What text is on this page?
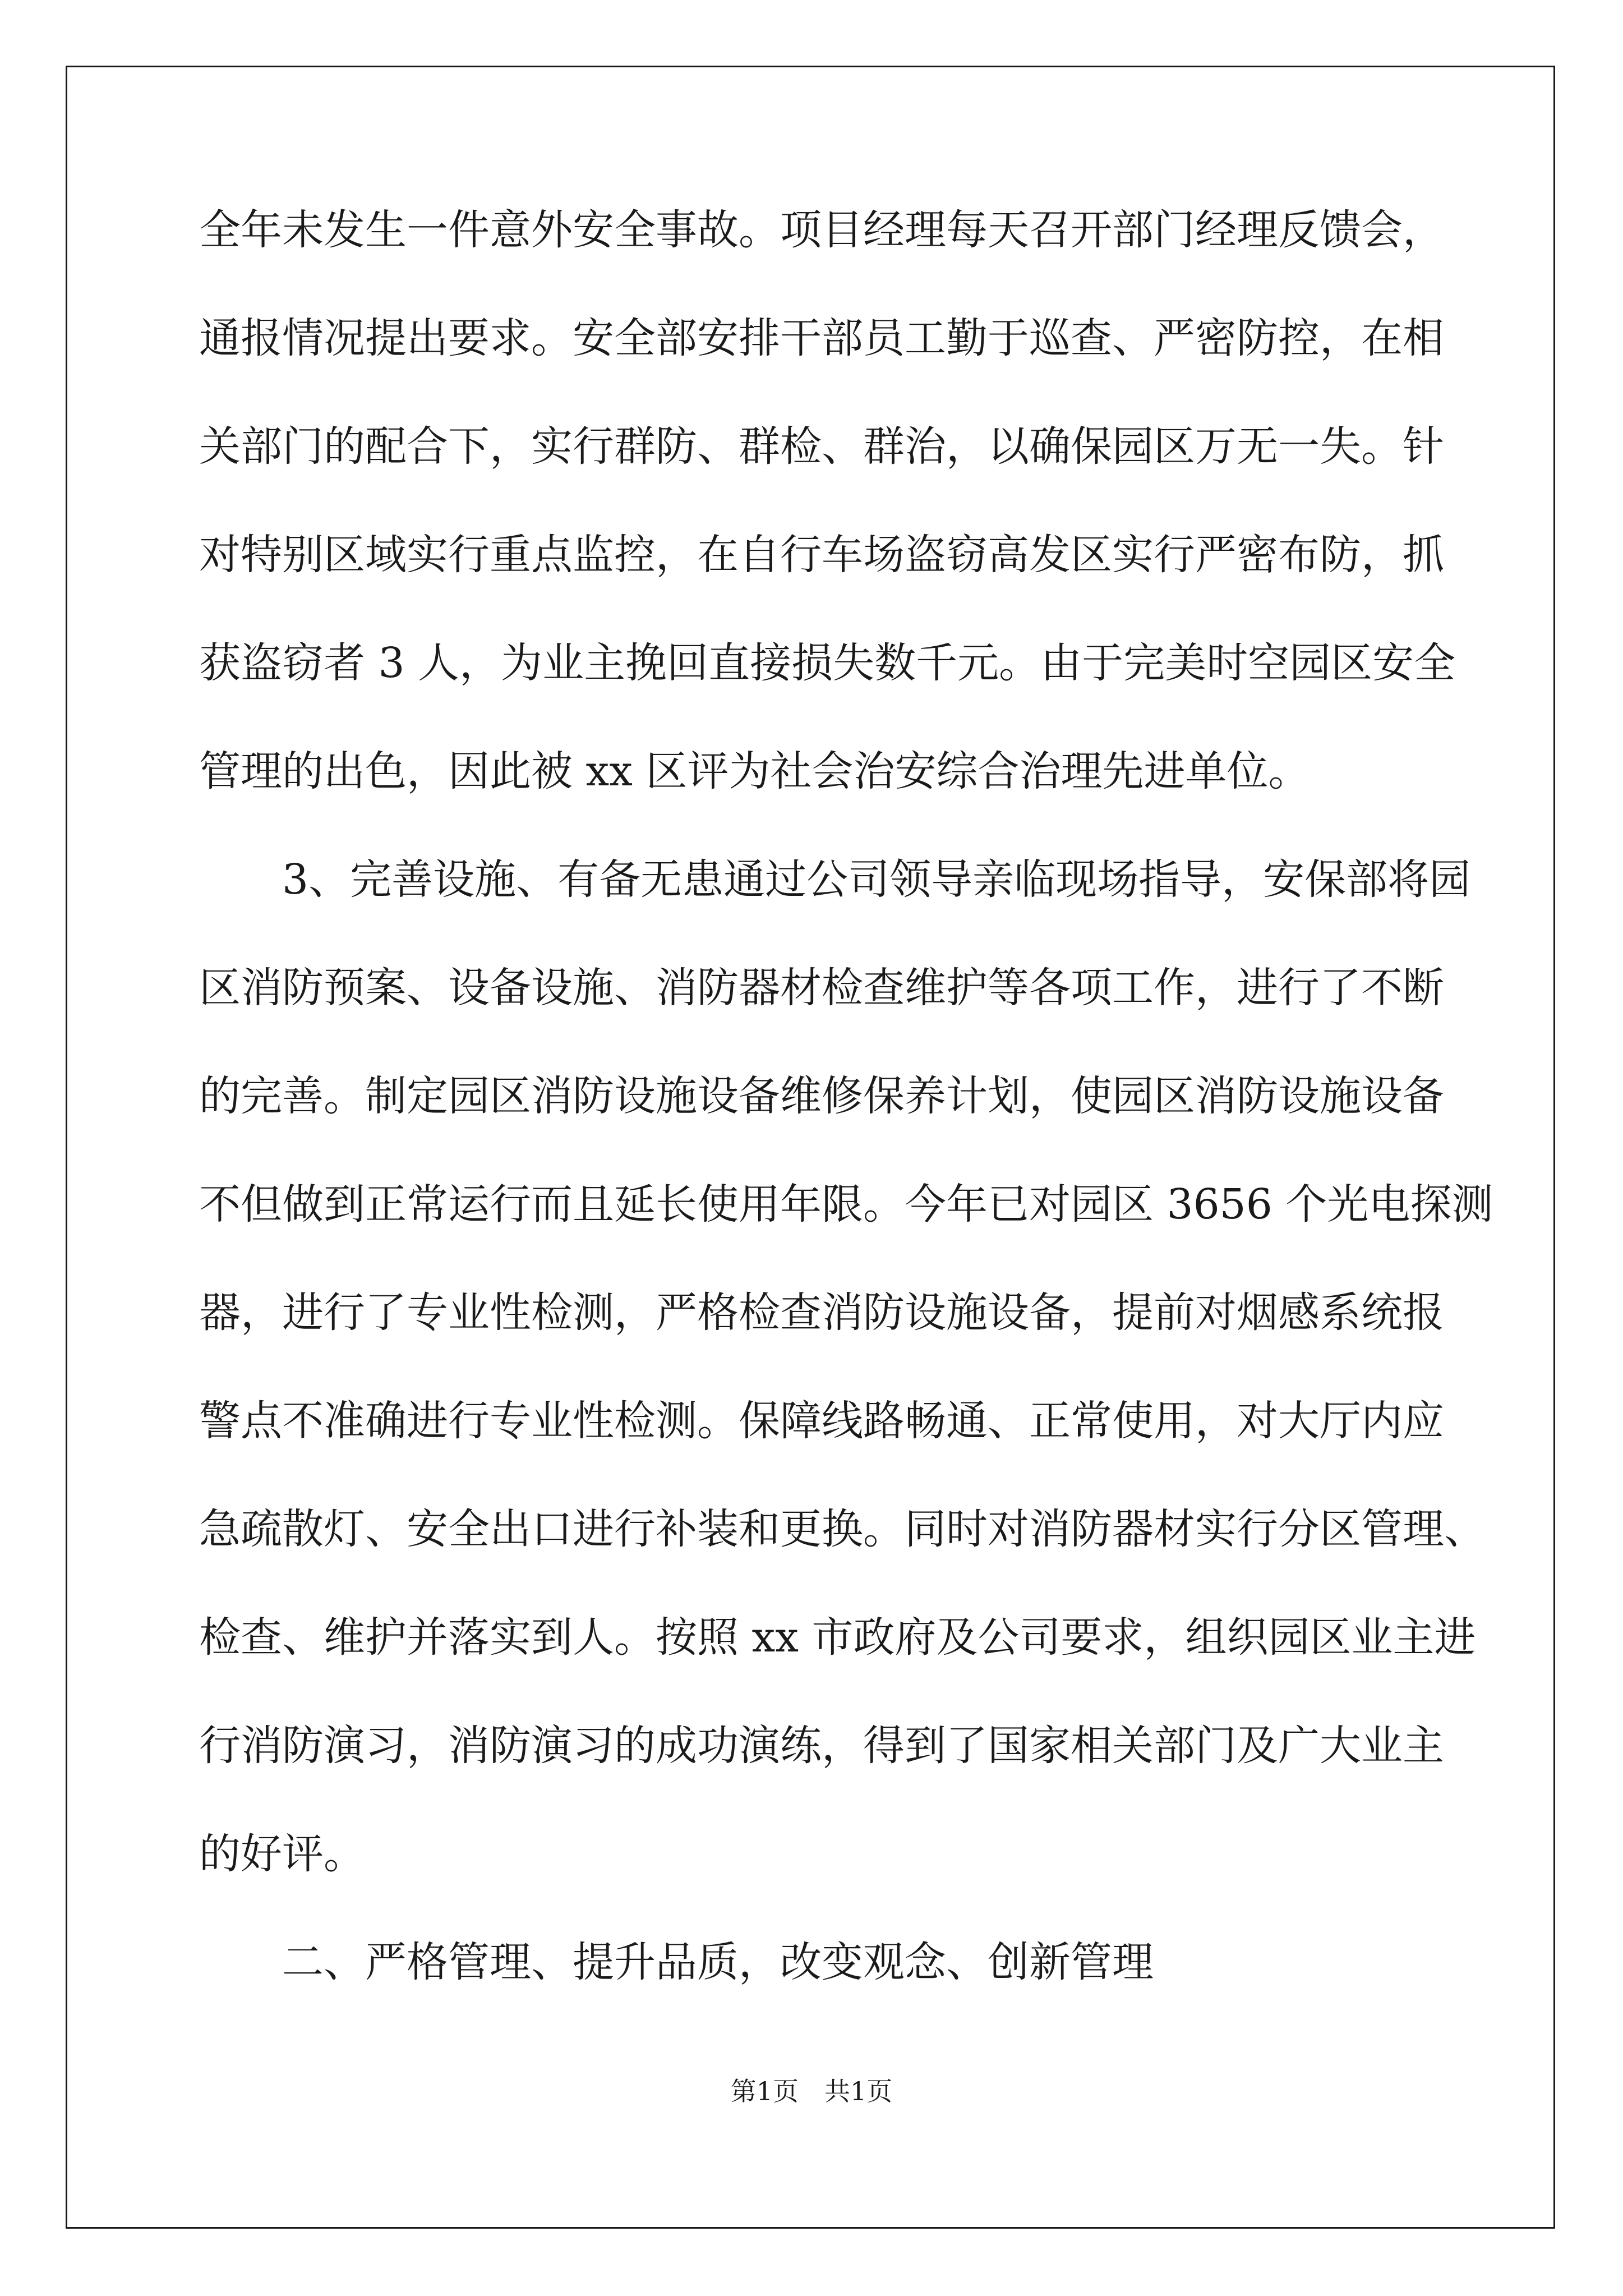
全年未发生一件意外安全事故。项目经理每天召开部门经理反馈会，
通报情况提出要求。安全部安排干部员工勤于巡查、严密防控，在相
关部门的配合下，实行群防、群检、群治，以确保园区万无一失。针
对特别区域实行重点监控，在自行车场盗窃高发区实行严密布防，抓
获盗窃者 3 人，为业主挽回直接损失数千元。由于完美时空园区安全
管理的出色，因此被 xx 区评为社会治安综合治理先进单位。
3、完善设施、有备无患通过公司领导亲临现场指导，安保部将园
区消防预案、设备设施、消防器材检查维护等各项工作，进行了不断
的完善。制定园区消防设施设备维修保养计划，使园区消防设施设备
不但做到正常运行而且延长使用年限。今年已对园区 3656 个光电探测
器，进行了专业性检测，严格检查消防设施设备，提前对烟感系统报
警点不准确进行专业性检测。保障线路畅通、正常使用，对大厅内应
急疏散灯、安全出口进行补装和更换。同时对消防器材实行分区管理、
检查、维护并落实到人。按照 xx 市政府及公司要求，组织园区业主进
行消防演习，消防演习的成功演练，得到了国家相关部门及广大业主
的好评。
二、严格管理、提升品质，改变观念、创新管理
第1页　共1页
